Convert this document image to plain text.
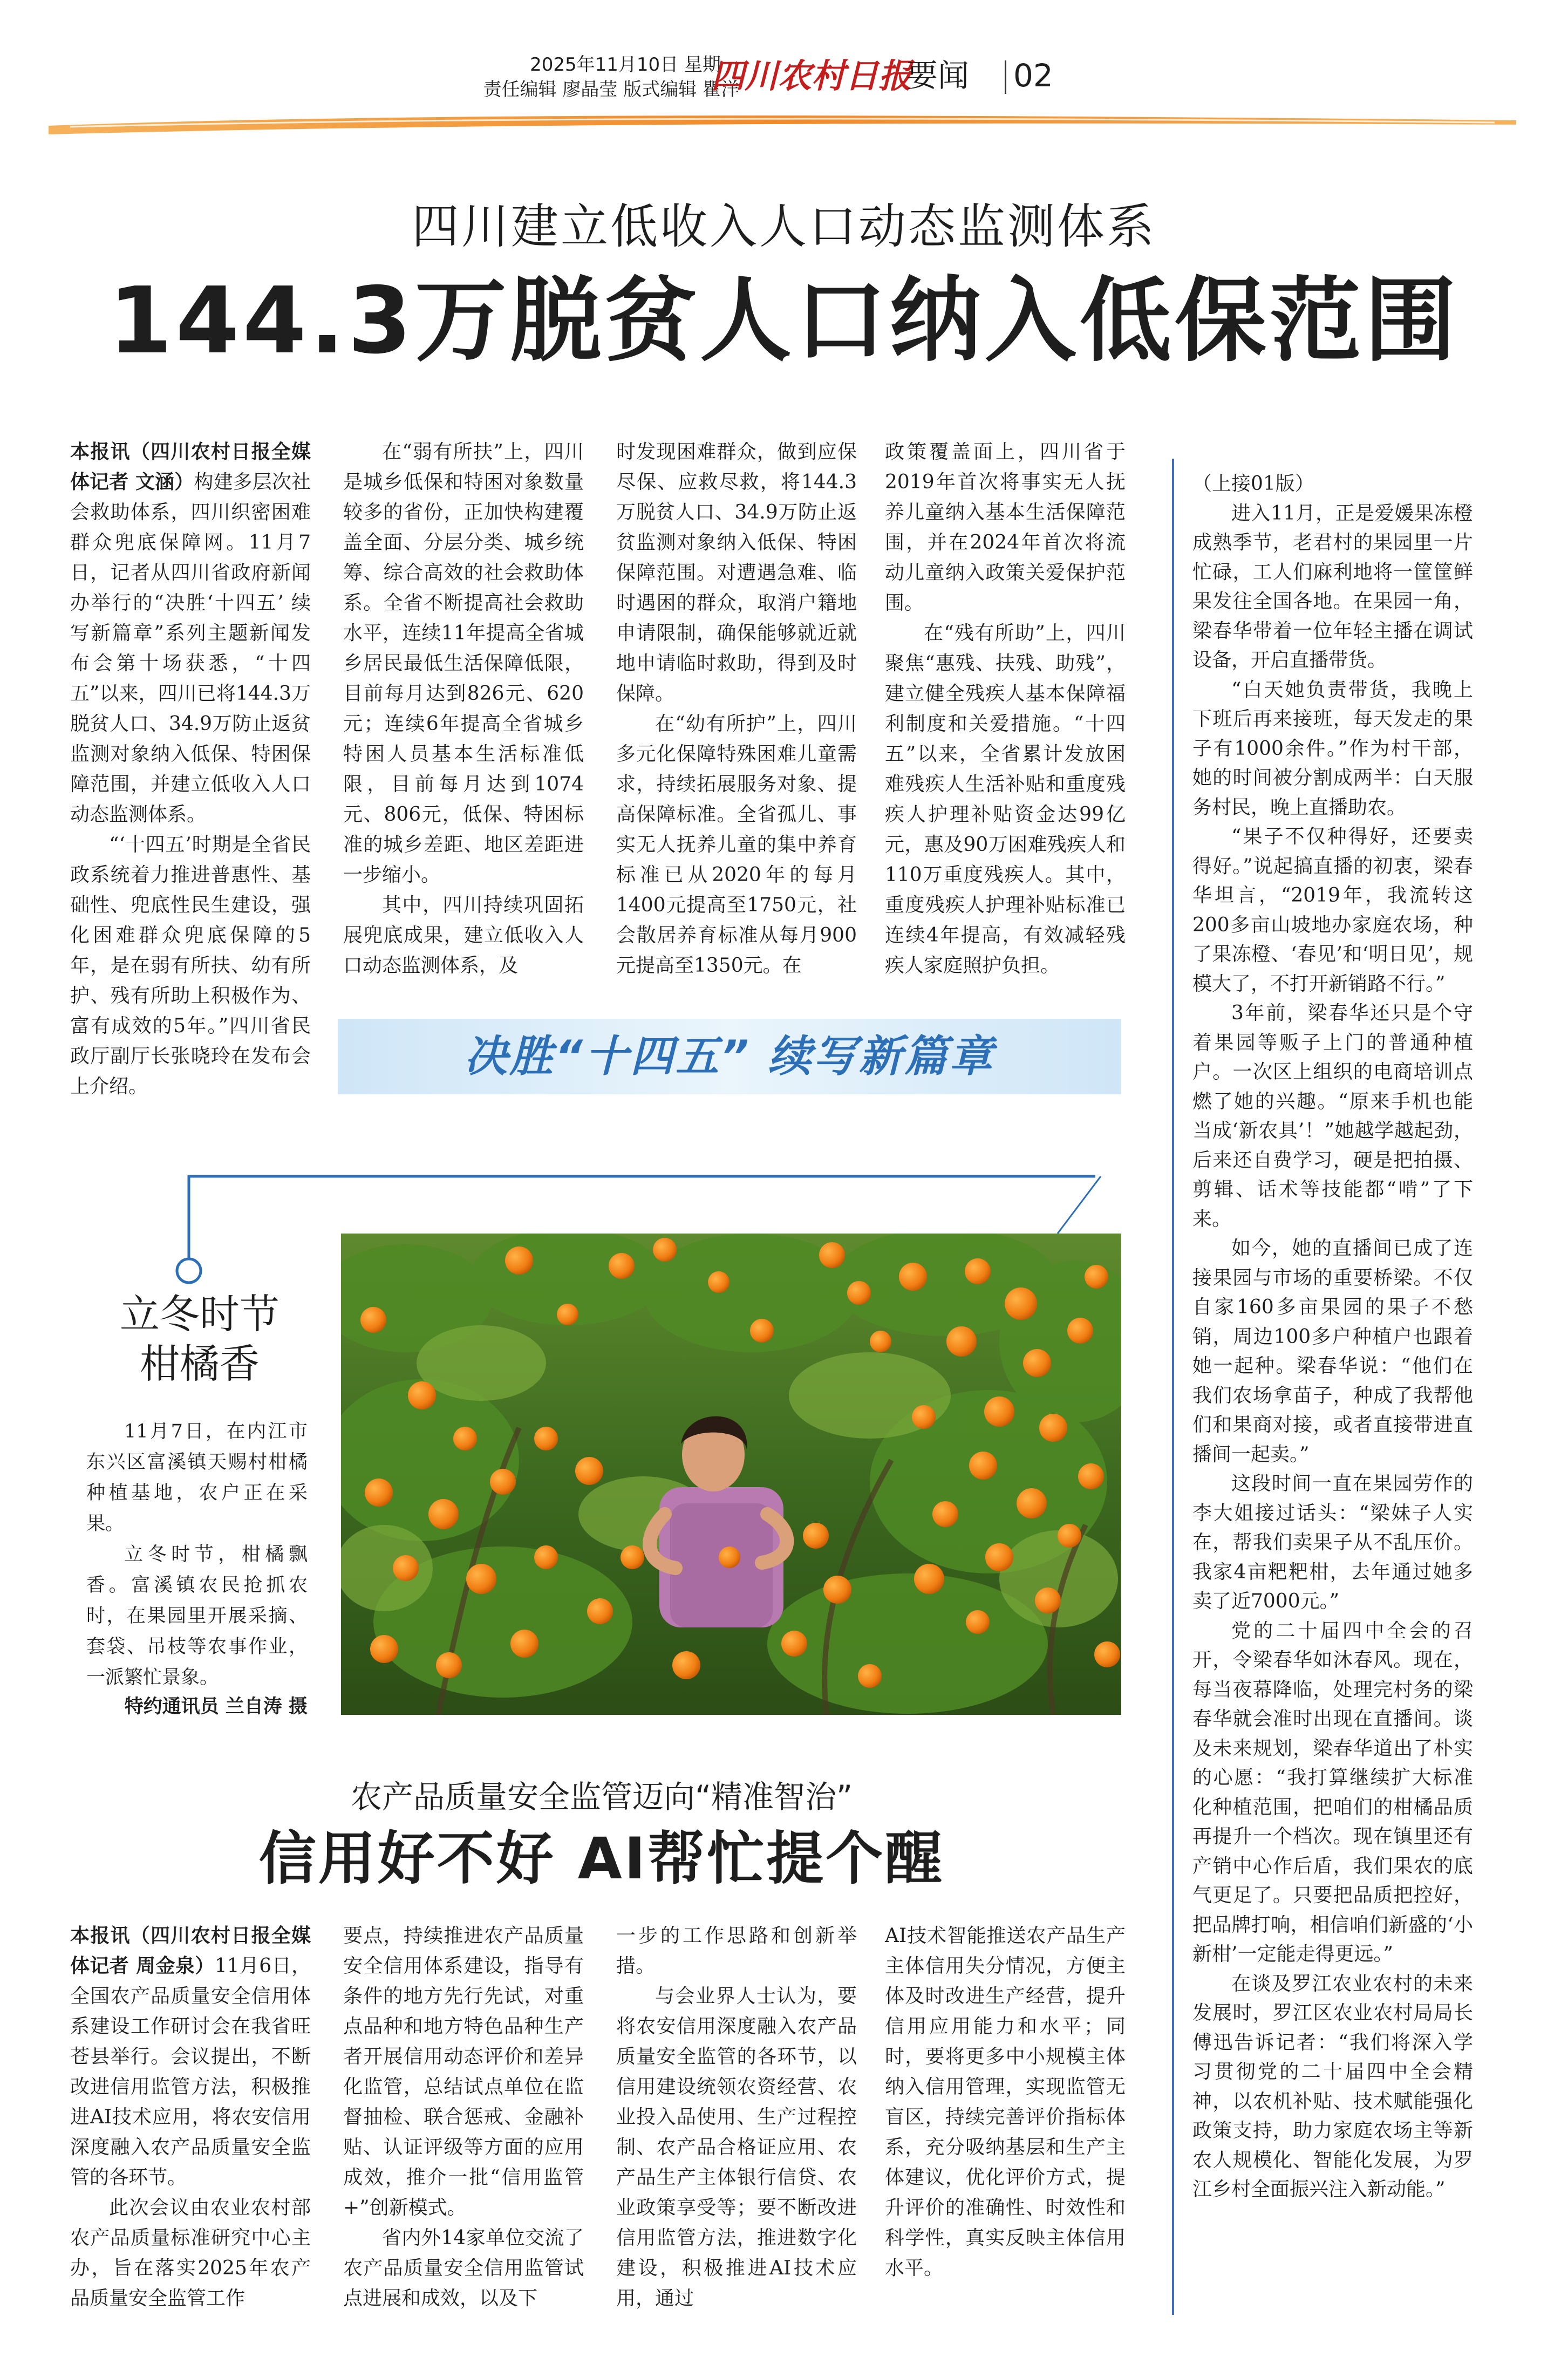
2025年11月10日 星期一
责任编辑 廖晶莹 版式编辑 瞿洋
四川农村日报
要闻 02
四川建立低收入人口动态监测体系
144.3万脱贫人口纳入低保范围

本报讯（四川农村日报全媒体记者 文涵）构建多层次社会救助体系，四川织密困难群众兜底保障网。11月7日，记者从四川省政府新闻办举行的“决胜‘十四五’ 续写新篇章”系列主题新闻发布会第十场获悉，“十四五”以来，四川已将144.3万脱贫人口、34.9万防止返贫监测对象纳入低保、特困保障范围，并建立低收入人口动态监测体系。

“‘十四五’时期是全省民政系统着力推进普惠性、基础性、兜底性民生建设，强化困难群众兜底保障的5年，是在弱有所扶、幼有所护、残有所助上积极作为、富有成效的5年。”四川省民政厅副厅长张晓玲在发布会上介绍。

在“弱有所扶”上，四川是城乡低保和特困对象数量较多的省份，正加快构建覆盖全面、分层分类、城乡统筹、综合高效的社会救助体系。全省不断提高社会救助水平，连续11年提高全省城乡居民最低生活保障低限，目前每月达到826元、620元；连续6年提高全省城乡特困人员基本生活标准低限，目前每月达到1074元、806元，低保、特困标准的城乡差距、地区差距进一步缩小。

其中，四川持续巩固拓展兜底成果，建立低收入人口动态监测体系，及

时发现困难群众，做到应保尽保、应救尽救，将144.3万脱贫人口、34.9万防止返贫监测对象纳入低保、特困保障范围。对遭遇急难、临时遇困的群众，取消户籍地申请限制，确保能够就近就地申请临时救助，得到及时保障。

在“幼有所护”上，四川多元化保障特殊困难儿童需求，持续拓展服务对象、提高保障标准。全省孤儿、事实无人抚养儿童的集中养育标准已从2020年的每月1400元提高至1750元，社会散居养育标准从每月900元提高至1350元。在

政策覆盖面上，四川省于2019年首次将事实无人抚养儿童纳入基本生活保障范围，并在2024年首次将流动儿童纳入政策关爱保护范围。

在“残有所助”上，四川聚焦“惠残、扶残、助残”，建立健全残疾人基本保障福利制度和关爱措施。“十四五”以来，全省累计发放困难残疾人生活补贴和重度残疾人护理补贴资金达99亿元，惠及90万困难残疾人和110万重度残疾人。其中，重度残疾人护理补贴标准已连续4年提高，有效减轻残疾人家庭照护负担。

决胜“十四五” 续写新篇章
立冬时节
柑橘香

11月7日，在内江市东兴区富溪镇天赐村柑橘种植基地，农户正在采果。

立冬时节，柑橘飘香。富溪镇农民抢抓农时，在果园里开展采摘、套袋、吊枝等农事作业，一派繁忙景象。

特约通讯员 兰自涛 摄
农产品质量安全监管迈向“精准智治”
信用好不好 AI帮忙提个醒

本报讯（四川农村日报全媒体记者 周金泉）11月6日，全国农产品质量安全信用体系建设工作研讨会在我省旺苍县举行。会议提出，不断改进信用监管方法，积极推进AI技术应用，将农安信用深度融入农产品质量安全监管的各环节。

此次会议由农业农村部农产品质量标准研究中心主办，旨在落实2025年农产品质量安全监管工作

要点，持续推进农产品质量安全信用体系建设，指导有条件的地方先行先试，对重点品种和地方特色品种生产者开展信用动态评价和差异化监管，总结试点单位在监督抽检、联合惩戒、金融补贴、认证评级等方面的应用成效，推介一批“信用监管+”创新模式。

省内外14家单位交流了农产品质量安全信用监管试点进展和成效，以及下

一步的工作思路和创新举措。

与会业界人士认为，要将农安信用深度融入农产品质量安全监管的各环节，以信用建设统领农资经营、农业投入品使用、生产过程控制、农产品合格证应用、农产品生产主体银行信贷、农业政策享受等；要不断改进信用监管方法，推进数字化建设，积极推进AI技术应用，通过

AI技术智能推送农产品生产主体信用失分情况，方便主体及时改进生产经营，提升信用应用能力和水平；同时，要将更多中小规模主体纳入信用管理，实现监管无盲区，持续完善评价指标体系，充分吸纳基层和生产主体建议，优化评价方式，提升评价的准确性、时效性和科学性，真实反映主体信用水平。

（上接01版）

进入11月，正是爱媛果冻橙成熟季节，老君村的果园里一片忙碌，工人们麻利地将一筐筐鲜果发往全国各地。在果园一角，梁春华带着一位年轻主播在调试设备，开启直播带货。

“白天她负责带货，我晚上下班后再来接班，每天发走的果子有1000余件。”作为村干部，她的时间被分割成两半：白天服务村民，晚上直播助农。

“果子不仅种得好，还要卖得好。”说起搞直播的初衷，梁春华坦言，“2019年，我流转这200多亩山坡地办家庭农场，种了果冻橙、‘春见’和‘明日见’，规模大了，不打开新销路不行。”

3年前，梁春华还只是个守着果园等贩子上门的普通种植户。一次区上组织的电商培训点燃了她的兴趣。“原来手机也能当成‘新农具’！”她越学越起劲，后来还自费学习，硬是把拍摄、剪辑、话术等技能都“啃”了下来。

如今，她的直播间已成了连接果园与市场的重要桥梁。不仅自家160多亩果园的果子不愁销，周边100多户种植户也跟着她一起种。梁春华说：“他们在我们农场拿苗子，种成了我帮他们和果商对接，或者直接带进直播间一起卖。”

这段时间一直在果园劳作的李大姐接过话头：“梁妹子人实在，帮我们卖果子从不乱压价。我家4亩粑粑柑，去年通过她多卖了近7000元。”

党的二十届四中全会的召开，令梁春华如沐春风。现在，每当夜幕降临，处理完村务的梁春华就会准时出现在直播间。谈及未来规划，梁春华道出了朴实的心愿：“我打算继续扩大标准化种植范围，把咱们的柑橘品质再提升一个档次。现在镇里还有产销中心作后盾，我们果农的底气更足了。只要把品质把控好，把品牌打响，相信咱们新盛的‘小新柑’一定能走得更远。”

在谈及罗江农业农村的未来发展时，罗江区农业农村局局长傅迅告诉记者：“我们将深入学习贯彻党的二十届四中全会精神，以农机补贴、技术赋能强化政策支持，助力家庭农场主等新农人规模化、智能化发展，为罗江乡村全面振兴注入新动能。”
